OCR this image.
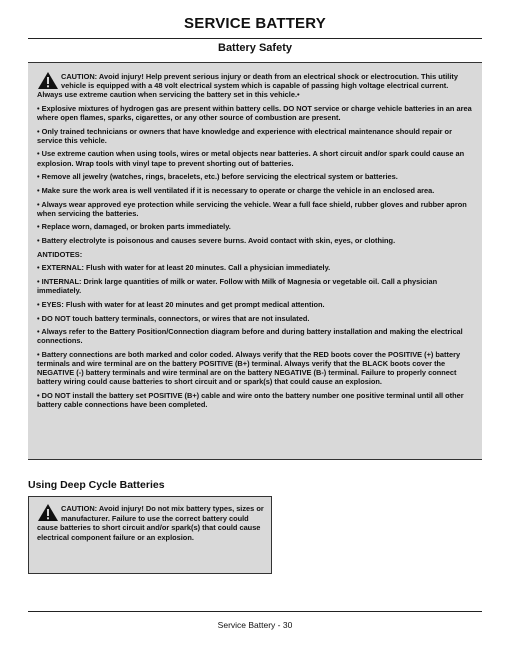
SERVICE BATTERY
Battery Safety

CAUTION: Avoid injury! Help prevent serious injury or death from an electrical shock or electrocution. This utility vehicle is equipped with a 48 volt electrical system which is capable of passing high voltage electrical current. Always use extreme caution when servicing the battery set in this vehicle.•

• Explosive mixtures of hydrogen gas are present within battery cells. DO NOT service or charge vehicle batteries in an area where open flames, sparks, cigarettes, or any other source of combustion are present.

• Only trained technicians or owners that have knowledge and experience with electrical maintenance should repair or service this vehicle.

• Use extreme caution when using tools, wires or metal objects near batteries. A short circuit and/or spark could cause an explosion. Wrap tools with vinyl tape to prevent shorting out of batteries.

• Remove all jewelry (watches, rings, bracelets, etc.) before servicing the electrical system or batteries.

• Make sure the work area is well ventilated if it is necessary to operate or charge the vehicle in an enclosed area.

• Always wear approved eye protection while servicing the vehicle. Wear a full face shield, rubber gloves and rubber apron when servicing the batteries.

• Replace worn, damaged, or broken parts immediately.

• Battery electrolyte is poisonous and causes severe burns. Avoid contact with skin, eyes, or clothing.

ANTIDOTES:

• EXTERNAL: Flush with water for at least 20 minutes. Call a physician immediately.

• INTERNAL: Drink large quantities of milk or water. Follow with Milk of Magnesia or vegetable oil. Call a physician immediately.

• EYES: Flush with water for at least 20 minutes and get prompt medical attention.

• DO NOT touch battery terminals, connectors, or wires that are not insulated.

• Always refer to the Battery Position/Connection diagram before and during battery installation and making the electrical connections.

• Battery connections are both marked and color coded. Always verify that the RED boots cover the POSITIVE (+) battery terminals and wire terminal are on the battery POSITIVE (B+) terminal. Always verify that the BLACK boots cover the NEGATIVE (-) battery terminals and wire terminal are on the battery NEGATIVE (B-) terminal. Failure to properly connect battery wiring could cause batteries to short circuit and or spark(s) that could cause an explosion.

• DO NOT install the battery set POSITIVE (B+) cable and wire onto the battery number one positive terminal until all other battery cable connections have been completed.

Using Deep Cycle Batteries

CAUTION: Avoid injury! Do not mix battery types, sizes or manufacturer. Failure to use the correct battery could cause batteries to short circuit and/or spark(s) that could cause electrical component failure or an explosion.

Service Battery - 30
